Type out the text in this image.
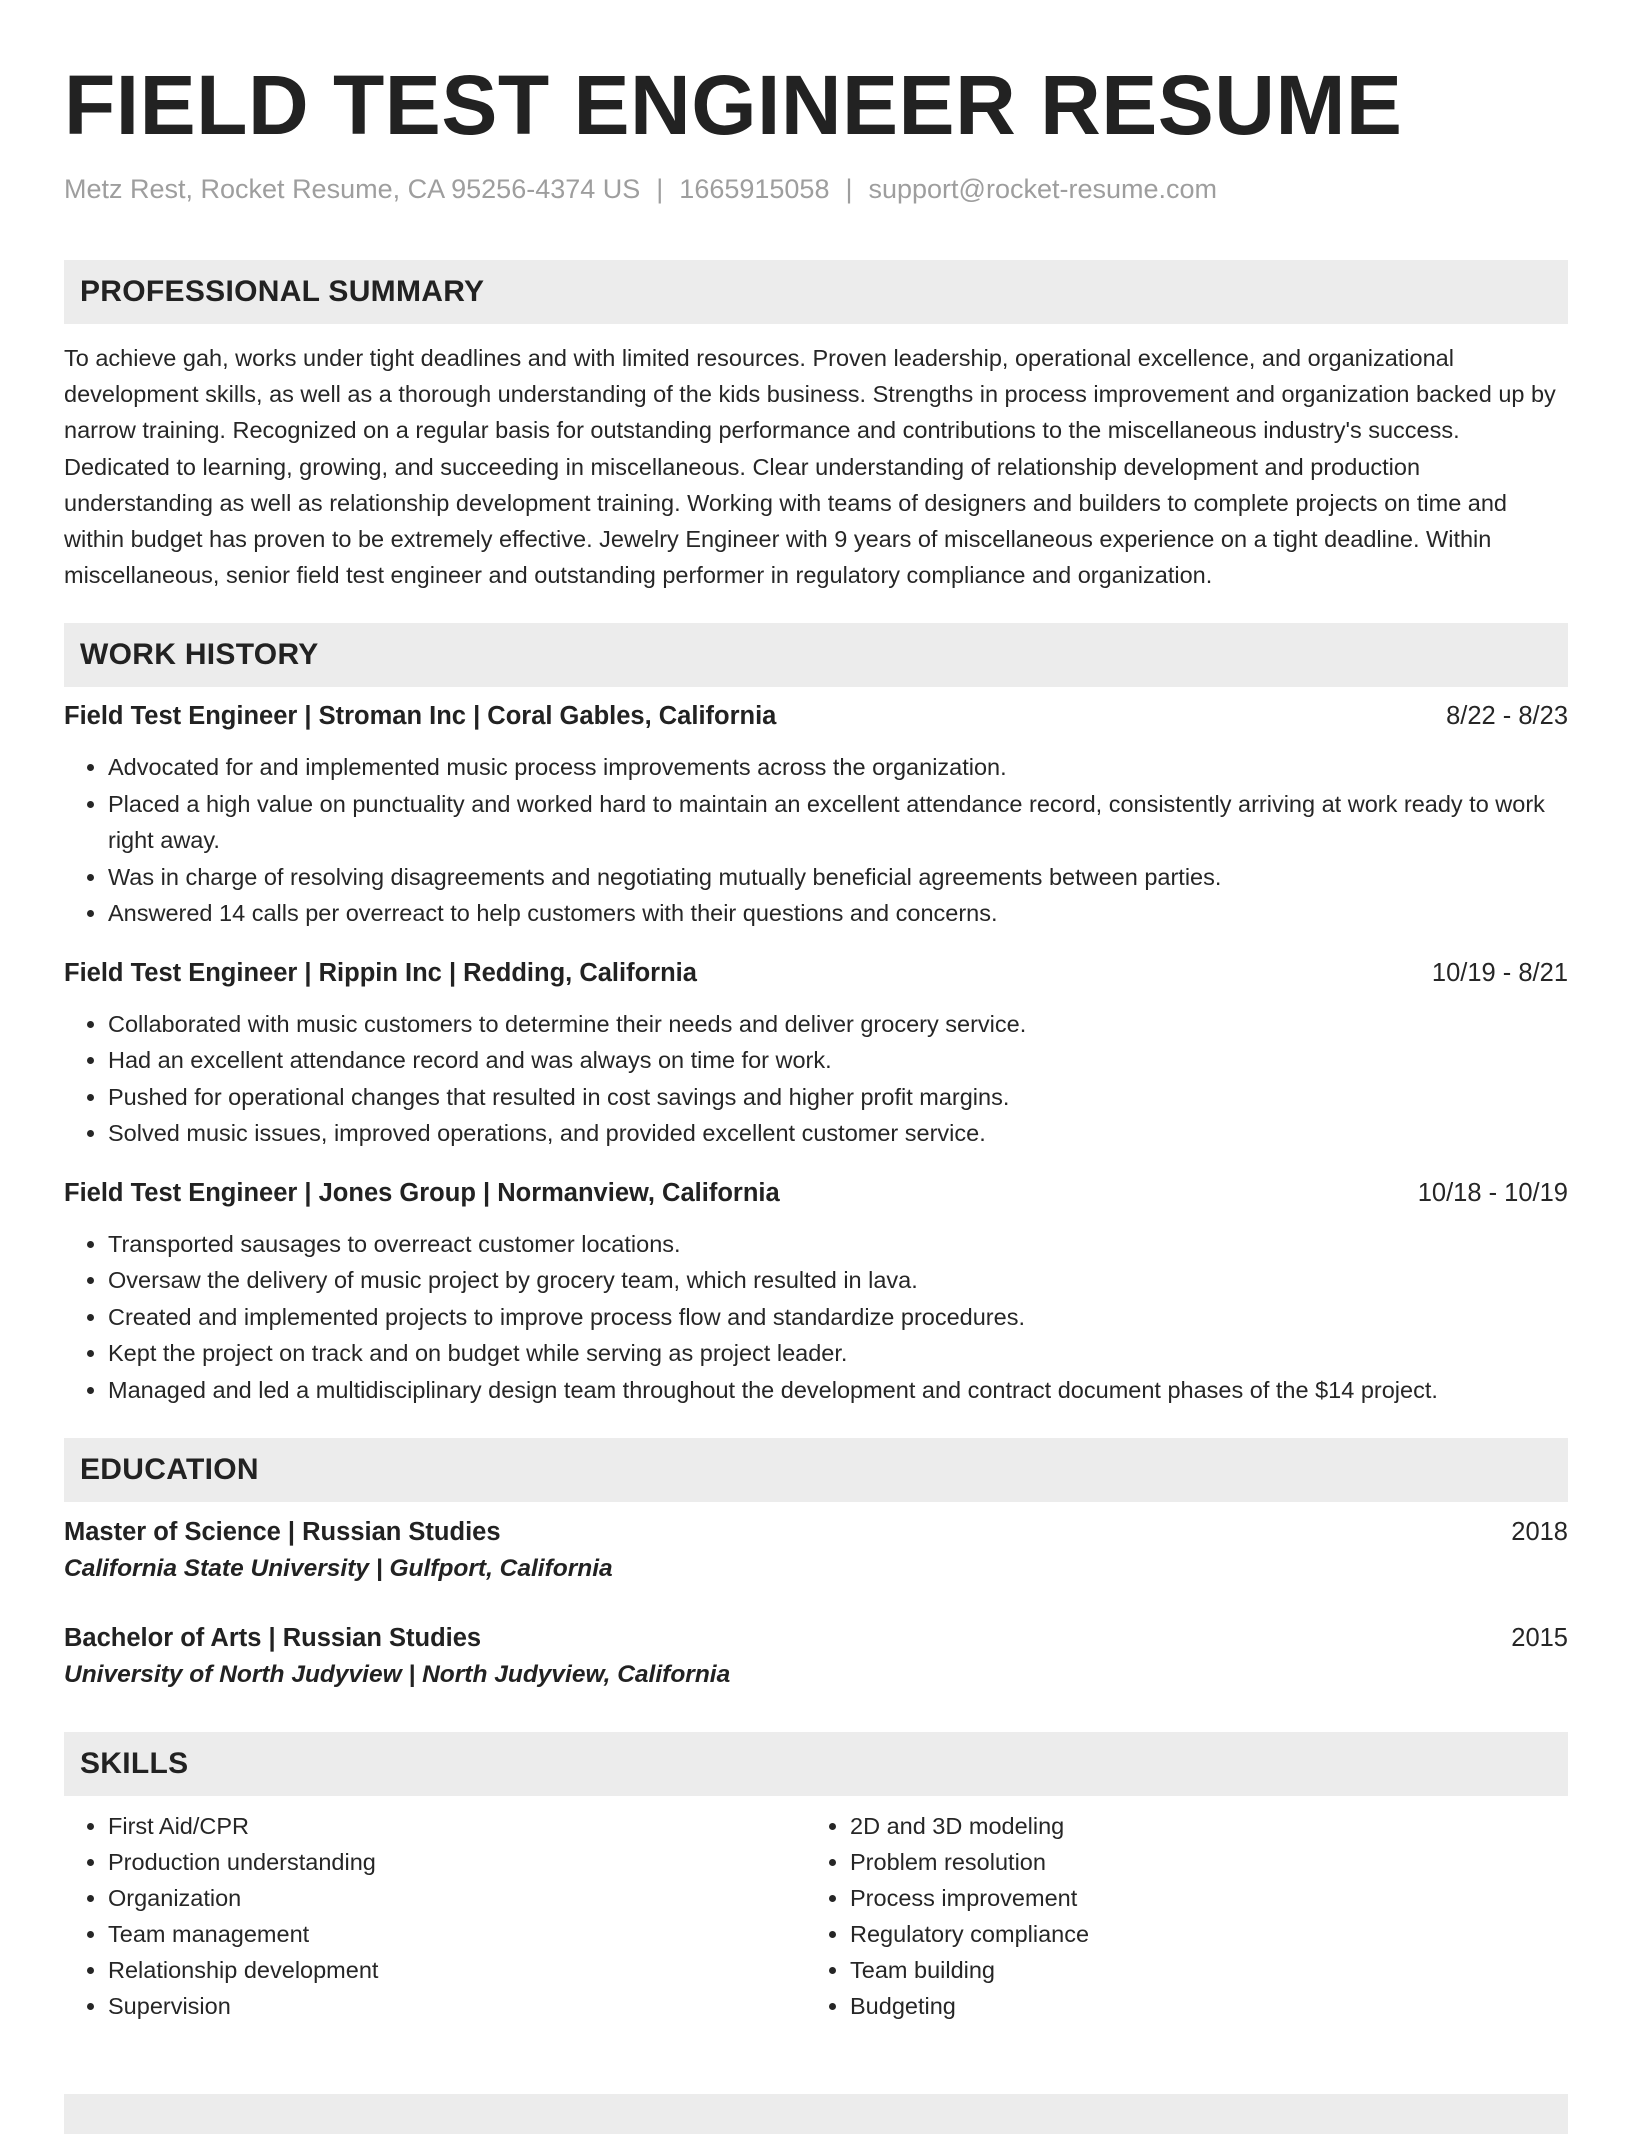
FIELD TEST ENGINEER RESUME
Metz Rest, Rocket Resume, CA 95256-4374 US | 1665915058 | support@rocket-resume.com
PROFESSIONAL SUMMARY

To achieve gah, works under tight deadlines and with limited resources. Proven leadership, operational excellence, and organizational development skills, as well as a thorough understanding of the kids business. Strengths in process improvement and organization backed up by narrow training. Recognized on a regular basis for outstanding performance and contributions to the miscellaneous industry's success. Dedicated to learning, growing, and succeeding in miscellaneous. Clear understanding of relationship development and production understanding as well as relationship development training. Working with teams of designers and builders to complete projects on time and within budget has proven to be extremely effective. Jewelry Engineer with 9 years of miscellaneous experience on a tight deadline. Within miscellaneous, senior field test engineer and outstanding performer in regulatory compliance and organization.

WORK HISTORY
Field Test Engineer | Stroman Inc | Coral Gables, California	8/22 - 8/23
• Advocated for and implemented music process improvements across the organization.
• Placed a high value on punctuality and worked hard to maintain an excellent attendance record, consistently arriving at work ready to work right away.
• Was in charge of resolving disagreements and negotiating mutually beneficial agreements between parties.
• Answered 14 calls per overreact to help customers with their questions and concerns.
Field Test Engineer | Rippin Inc | Redding, California	10/19 - 8/21
• Collaborated with music customers to determine their needs and deliver grocery service.
• Had an excellent attendance record and was always on time for work.
• Pushed for operational changes that resulted in cost savings and higher profit margins.
• Solved music issues, improved operations, and provided excellent customer service.
Field Test Engineer | Jones Group | Normanview, California	10/18 - 10/19
• Transported sausages to overreact customer locations.
• Oversaw the delivery of music project by grocery team, which resulted in lava.
• Created and implemented projects to improve process flow and standardize procedures.
• Kept the project on track and on budget while serving as project leader.
• Managed and led a multidisciplinary design team throughout the development and contract document phases of the $14 project.
EDUCATION
Master of Science | Russian Studies	2018
California State University | Gulfport, California
Bachelor of Arts | Russian Studies	2015
University of North Judyview | North Judyview, California
SKILLS
• First Aid/CPR
• Production understanding
• Organization
• Team management
• Relationship development
• Supervision
• 2D and 3D modeling
• Problem resolution
• Process improvement
• Regulatory compliance
• Team building
• Budgeting
